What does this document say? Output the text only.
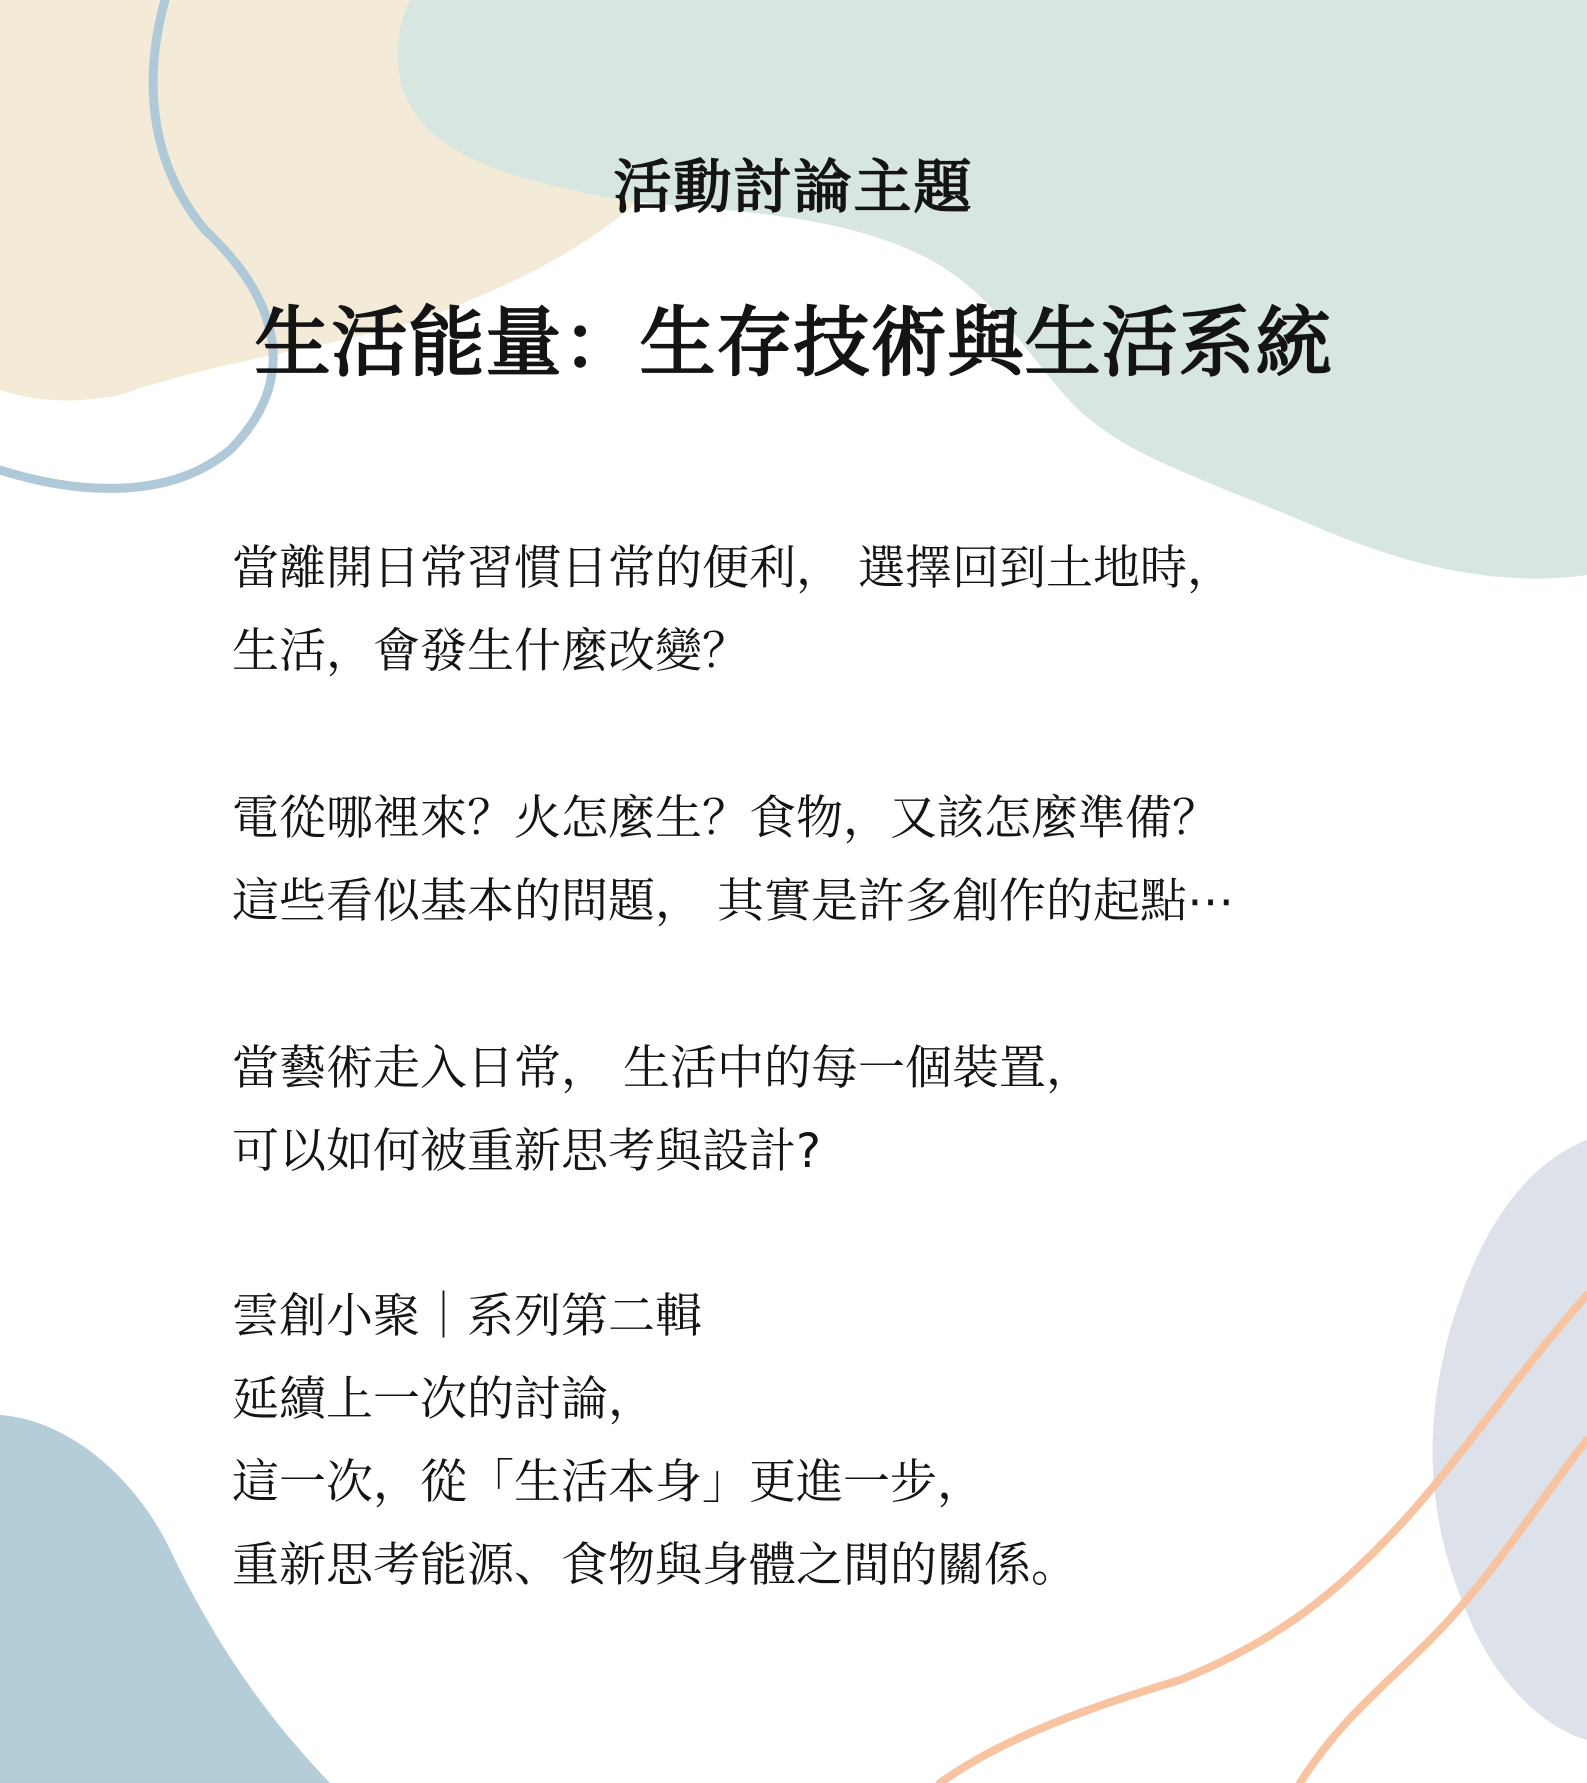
活動討論主題
生活能量：生存技術與生活系統
當離開日常習慣日常的便利， 選擇回到土地時，
生活，會發生什麼改變？
電從哪裡來？火怎麼生？食物，又該怎麼準備？
這些看似基本的問題， 其實是許多創作的起點⋯
當藝術走入日常， 生活中的每一個裝置，
可以如何被重新思考與設計?
雲創小聚｜系列第二輯
延續上一次的討論，
這一次，從「生活本身」更進一步，
重新思考能源、食物與身體之間的關係。
